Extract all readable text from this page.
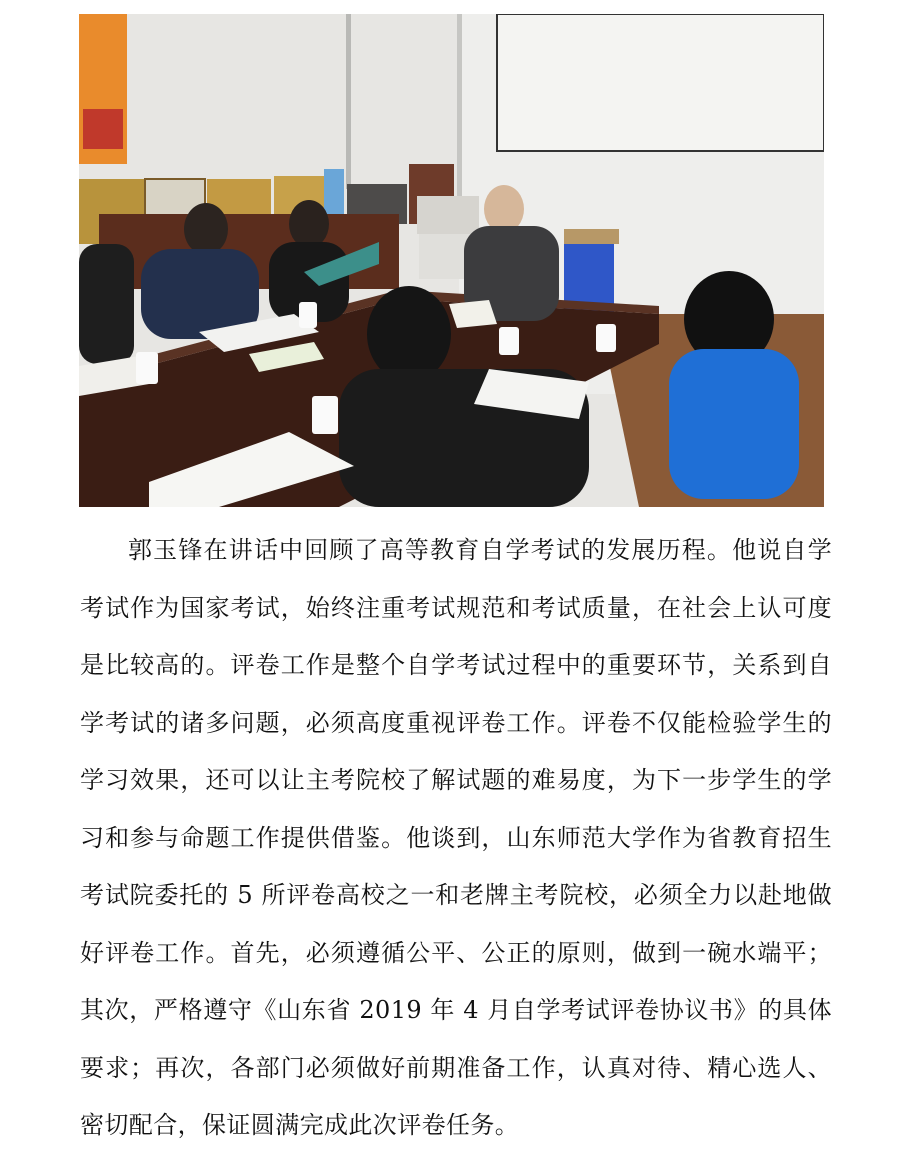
郭玉锋在讲话中回顾了高等教育自学考试的发展历程。他说自学
考试作为国家考试，始终注重考试规范和考试质量，在社会上认可度
是比较高的。评卷工作是整个自学考试过程中的重要环节，关系到自
学考试的诸多问题，必须高度重视评卷工作。评卷不仅能检验学生的
学习效果，还可以让主考院校了解试题的难易度，为下一步学生的学
习和参与命题工作提供借鉴。他谈到，山东师范大学作为省教育招生
考试院委托的 5 所评卷高校之一和老牌主考院校，必须全力以赴地做
好评卷工作。首先，必须遵循公平、公正的原则，做到一碗水端平；
其次，严格遵守《山东省 2019 年 4 月自学考试评卷协议书》的具体
要求；再次，各部门必须做好前期准备工作，认真对待、精心选人、
密切配合，保证圆满完成此次评卷任务。
